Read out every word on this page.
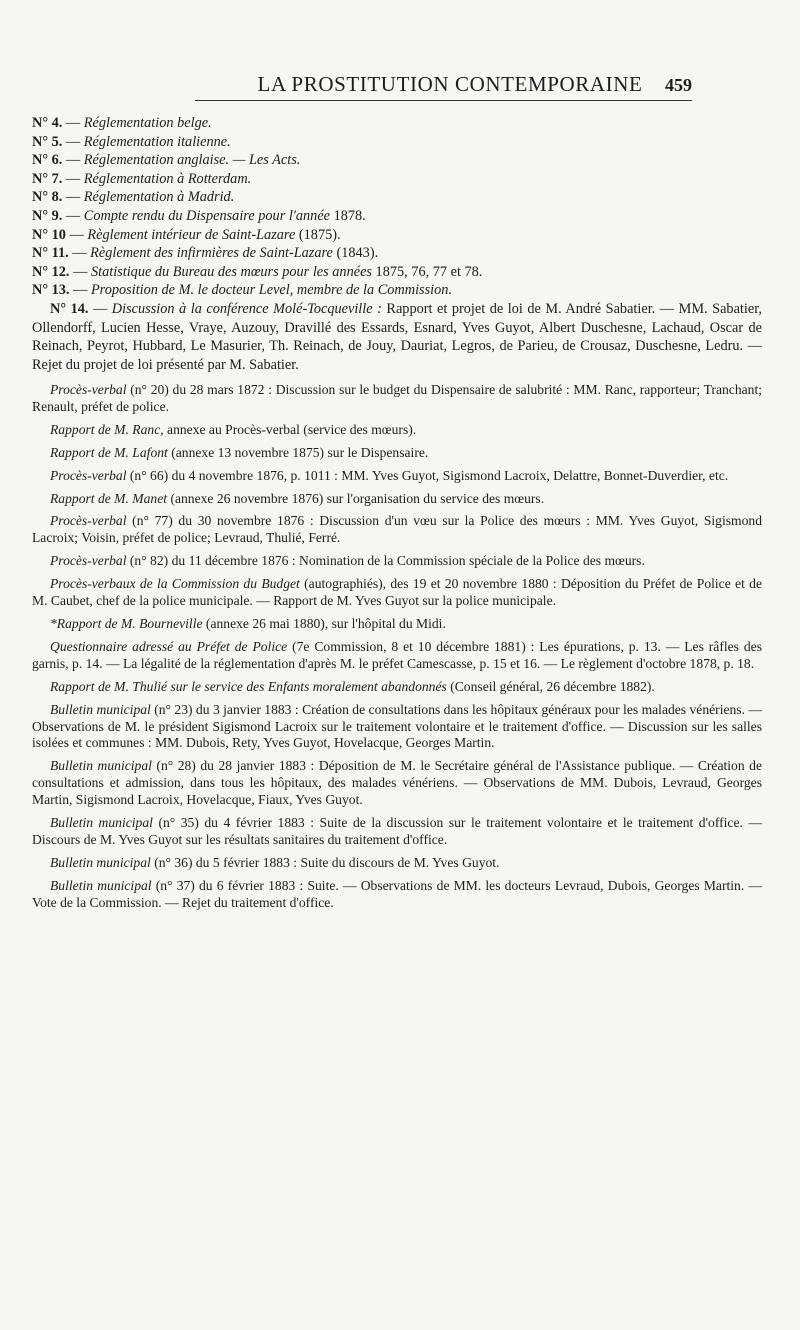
LA PROSTITUTION CONTEMPORAINE 459

N° 4. — Réglementation belge.

N° 5. — Réglementation italienne.

N° 6. — Réglementation anglaise. — Les Acts.

N° 7. — Réglementation à Rotterdam.

N° 8. — Réglementation à Madrid.

N° 9. — Compte rendu du Dispensaire pour l'année 1878.

N° 10 — Règlement intérieur de Saint-Lazare (1875).

N° 11. — Règlement des infirmières de Saint-Lazare (1843).

N° 12. — Statistique du Bureau des mœurs pour les années 1875, 76, 77 et 78.

N° 13. — Proposition de M. le docteur Level, membre de la Commission.

N° 14. — Discussion à la conférence Molé-Tocqueville : Rapport et projet de loi de M. André Sabatier. — MM. Sabatier, Ollendorff, Lucien Hesse, Vraye, Auzouy, Dravillé des Essards, Esnard, Yves Guyot, Albert Duschesne, Lachaud, Oscar de Reinach, Peyrot, Hubbard, Le Masurier, Th. Reinach, de Jouy, Dauriat, Legros, de Parieu, de Crousaz, Duschesne, Ledru. — Rejet du projet de loi présenté par M. Sabatier.

Procès-verbal (n° 20) du 28 mars 1872 : Discussion sur le budget du Dispensaire de salubrité : MM. Ranc, rapporteur; Tranchant; Renault, préfet de police.

Rapport de M. Ranc, annexe au Procès-verbal (service des mœurs).

Rapport de M. Lafont (annexe 13 novembre 1875) sur le Dispensaire.

Procès-verbal (n° 66) du 4 novembre 1876, p. 1011 : MM. Yves Guyot, Sigismond Lacroix, Delattre, Bonnet-Duverdier, etc.

Rapport de M. Manet (annexe 26 novembre 1876) sur l'organisation du service des mœurs.

Procès-verbal (n° 77) du 30 novembre 1876 : Discussion d'un vœu sur la Police des mœurs : MM. Yves Guyot, Sigismond Lacroix; Voisin, préfet de police; Levraud, Thulié, Ferré.

Procès-verbal (n° 82) du 11 décembre 1876 : Nomination de la Commission spéciale de la Police des mœurs.

Procès-verbaux de la Commission du Budget (autographiés), des 19 et 20 novembre 1880 : Déposition du Préfet de Police et de M. Caubet, chef de la police municipale. — Rapport de M. Yves Guyot sur la police municipale.

*Rapport de M. Bourneville (annexe 26 mai 1880), sur l'hôpital du Midi.

Questionnaire adressé au Préfet de Police (7e Commission, 8 et 10 décembre 1881) : Les épurations, p. 13. — Les râfles des garnis, p. 14. — La légalité de la réglementation d'après M. le préfet Camescasse, p. 15 et 16. — Le règlement d'octobre 1878, p. 18.

Rapport de M. Thulié sur le service des Enfants moralement abandonnés (Conseil général, 26 décembre 1882).

Bulletin municipal (n° 23) du 3 janvier 1883 : Création de consultations dans les hôpitaux généraux pour les malades vénériens. — Observations de M. le président Sigismond Lacroix sur le traitement volontaire et le traitement d'office. — Discussion sur les salles isolées et communes : MM. Dubois, Rety, Yves Guyot, Hovelacque, Georges Martin.

Bulletin municipal (n° 28) du 28 janvier 1883 : Déposition de M. le Secrétaire général de l'Assistance publique. — Création de consultations et admission, dans tous les hôpitaux, des malades vénériens. — Observations de MM. Dubois, Levraud, Georges Martin, Sigismond Lacroix, Hovelacque, Fiaux, Yves Guyot.

Bulletin municipal (n° 35) du 4 février 1883 : Suite de la discussion sur le traitement volontaire et le traitement d'office. — Discours de M. Yves Guyot sur les résultats sanitaires du traitement d'office.

Bulletin municipal (n° 36) du 5 février 1883 : Suite du discours de M. Yves Guyot.

Bulletin municipal (n° 37) du 6 février 1883 : Suite. — Observations de MM. les docteurs Levraud, Dubois, Georges Martin. — Vote de la Commission. — Rejet du traitement d'office.
